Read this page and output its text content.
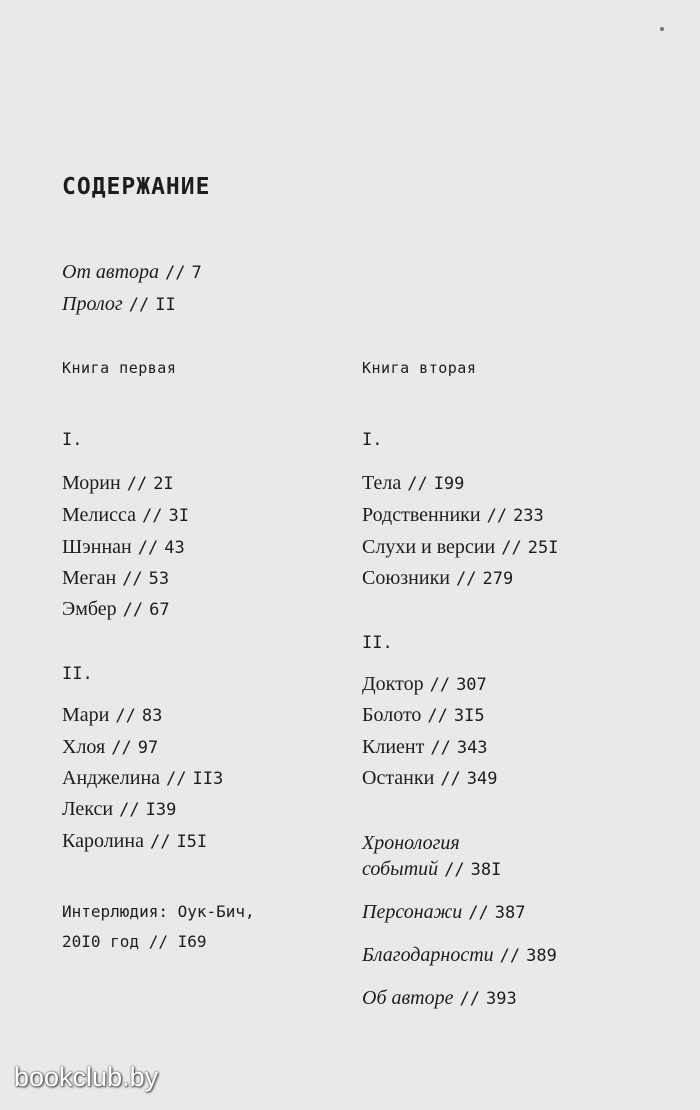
СОДЕРЖАНИЕ
От автора // 7
Пролог // II
Книга первая
I.
Морин // 2I
Мелисса // 3I
Шэннан // 43
Меган // 53
Эмбер // 67
II.
Мари // 83
Хлоя // 97
Анджелина // II3
Лекси // I39
Каролина // I5I
Интерлюдия: Оук-Бич,
20I0 год // I69
Книга вторая
I.
Тела // I99
Родственники // 233
Слухи и версии // 25I
Союзники // 279
II.
Доктор // 307
Болото // 3I5
Клиент // 343
Останки // 349
Хронология
событий // 38I
Персонажи // 387
Благодарности // 389
Об авторе // 393
bookclub.by
